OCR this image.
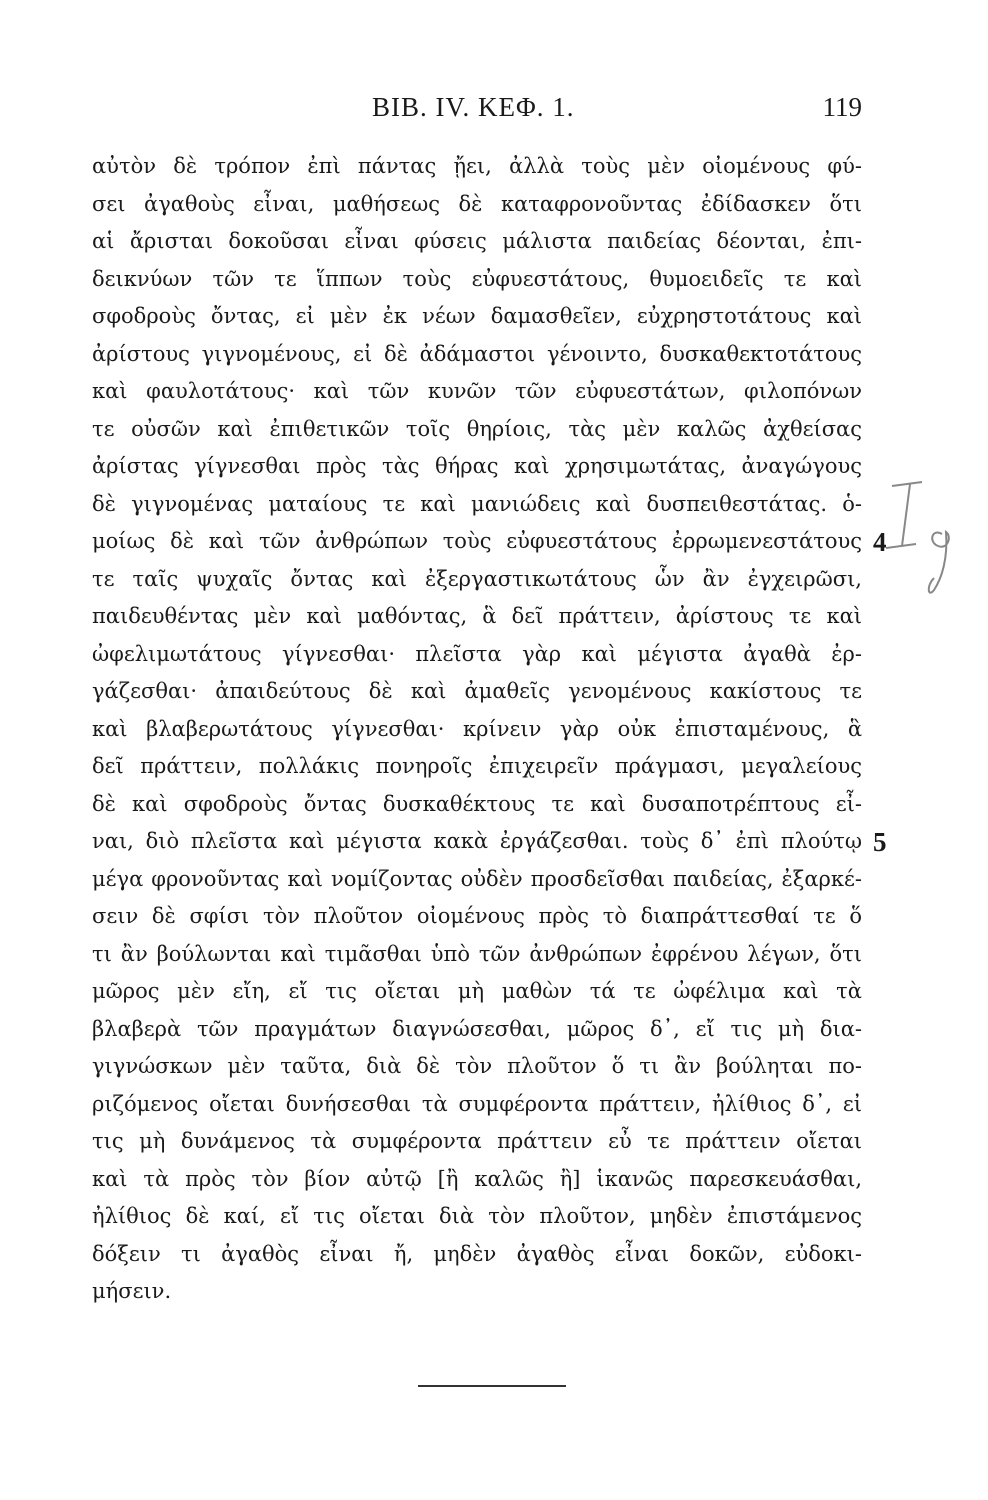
BIB. IV. ΚΕΦ. 1.	119
αὐτὸν δὲ τρόπον ἐπὶ πάντας ᾔει, ἀλλὰ τοὺς μὲν οἰομένους φύ-
σει ἀγαθοὺς εἶναι, μαθήσεως δὲ καταφρονοῦντας ἐδίδασκεν ὅτι
αἱ ἄρισται δοκοῦσαι εἶναι φύσεις μάλιστα παιδείας δέονται, ἐπι-
δεικνύων τῶν τε ἵππων τοὺς εὐφυεστάτους, θυμοειδεῖς τε καὶ
σφοδροὺς ὄντας, εἰ μὲν ἐκ νέων δαμασθεῖεν, εὐχρηστοτάτους καὶ
ἀρίστους γιγνομένους, εἰ δὲ ἀδάμαστοι γένοιντο, δυσκαθεκτοτάτους
καὶ φαυλοτάτους· καὶ τῶν κυνῶν τῶν εὐφυεστάτων, φιλοπόνων
τε οὐσῶν καὶ ἐπιθετικῶν τοῖς θηρίοις, τὰς μὲν καλῶς ἀχθείσας
ἀρίστας γίγνεσθαι πρὸς τὰς θήρας καὶ χρησιμωτάτας, ἀναγώγους
δὲ γιγνομένας ματαίους τε καὶ μανιώδεις καὶ δυσπειθεστάτας. ὁ-
μοίως δὲ καὶ τῶν ἀνθρώπων τοὺς εὐφυεστάτους ἐρρωμενεστάτους
τε ταῖς ψυχαῖς ὄντας καὶ ἐξεργαστικωτάτους ὧν ἂν ἐγχειρῶσι,
παιδευθέντας μὲν καὶ μαθόντας, ἃ δεῖ πράττειν, ἀρίστους τε καὶ
ὠφελιμωτάτους γίγνεσθαι· πλεῖστα γὰρ καὶ μέγιστα ἀγαθὰ ἐρ-
γάζεσθαι· ἀπαιδεύτους δὲ καὶ ἀμαθεῖς γενομένους κακίστους τε
καὶ βλαβερωτάτους γίγνεσθαι· κρίνειν γὰρ οὐκ ἐπισταμένους, ἃ
δεῖ πράττειν, πολλάκις πονηροῖς ἐπιχειρεῖν πράγμασι, μεγαλείους
δὲ καὶ σφοδροὺς ὄντας δυσκαθέκτους τε καὶ δυσαποτρέπτους εἶ-
ναι, διὸ πλεῖστα καὶ μέγιστα κακὰ ἐργάζεσθαι. τοὺς δ᾽ ἐπὶ πλούτῳ
μέγα φρονοῦντας καὶ νομίζοντας οὐδὲν προσδεῖσθαι παιδείας, ἐξαρκέ-
σειν δὲ σφίσι τὸν πλοῦτον οἰομένους πρὸς τὸ διαπράττεσθαί τε ὅ
τι ἂν βούλωνται καὶ τιμᾶσθαι ὑπὸ τῶν ἀνθρώπων ἐφρένου λέγων, ὅτι
μῶρος μὲν εἴη, εἴ τις οἴεται μὴ μαθὼν τά τε ὠφέλιμα καὶ τὰ
βλαβερὰ τῶν πραγμάτων διαγνώσεσθαι, μῶρος δ᾽, εἴ τις μὴ δια-
γιγνώσκων μὲν ταῦτα, διὰ δὲ τὸν πλοῦτον ὅ τι ἂν βούληται πο-
ριζόμενος οἴεται δυνήσεσθαι τὰ συμφέροντα πράττειν, ἠλίθιος δ᾽, εἰ
τις μὴ δυνάμενος τὰ συμφέροντα πράττειν εὖ τε πράττειν οἴεται
καὶ τὰ πρὸς τὸν βίον αὐτῷ [ἢ καλῶς ἢ] ἱκανῶς παρεσκευάσθαι,
ἠλίθιος δὲ καί, εἴ τις οἴεται διὰ τὸν πλοῦτον, μηδὲν ἐπιστάμενος
δόξειν τι ἀγαθὸς εἶναι ἤ, μηδὲν ἀγαθὸς εἶναι δοκῶν, εὐδοκι-
μήσειν.
4
5
